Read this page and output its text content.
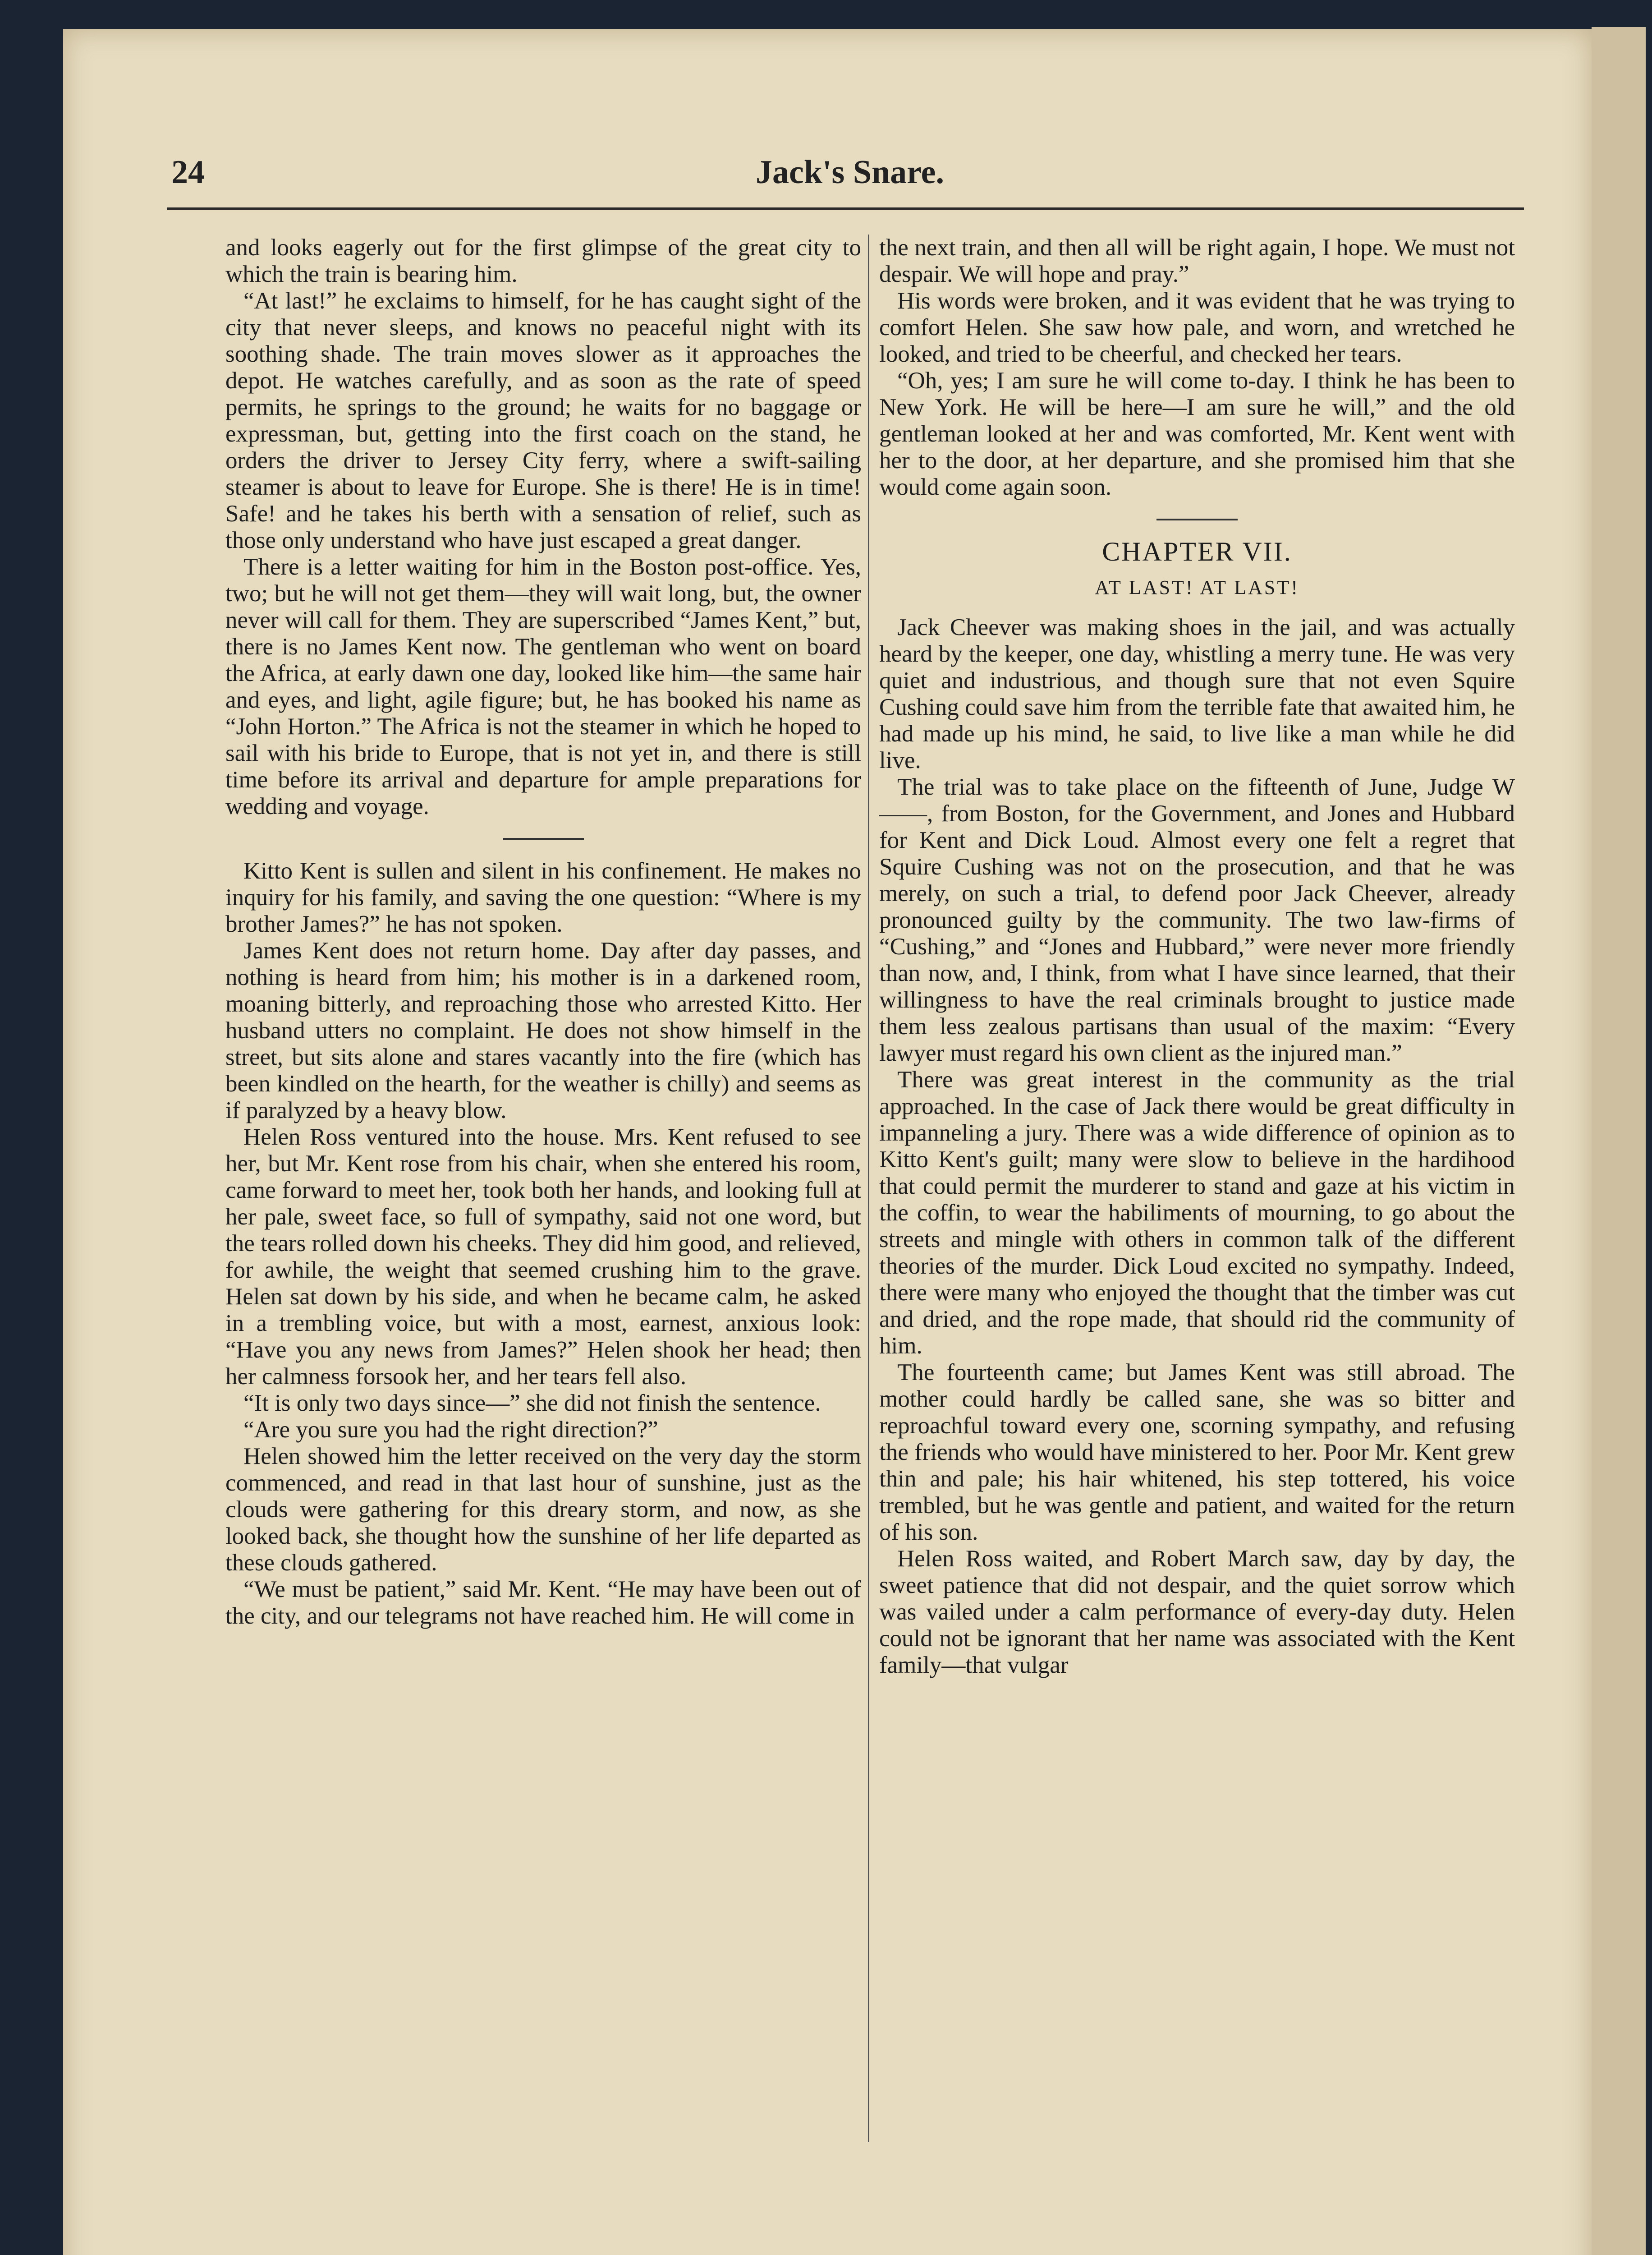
24	Jack's Snare.

and looks eagerly out for the first glimpse of the great city to which the train is bearing him.

“At last!” he exclaims to himself, for he has caught sight of the city that never sleeps, and knows no peaceful night with its soothing shade. The train moves slower as it approaches the depot. He watches carefully, and as soon as the rate of speed permits, he springs to the ground; he waits for no baggage or expressman, but, getting into the first coach on the stand, he orders the driver to Jersey City ferry, where a swift-sailing steamer is about to leave for Europe. She is there! He is in time! Safe! and he takes his berth with a sensation of relief, such as those only understand who have just escaped a great danger.

There is a letter waiting for him in the Boston post-office. Yes, two; but he will not get them—they will wait long, but, the owner never will call for them. They are superscribed “James Kent,” but, there is no James Kent now. The gentleman who went on board the Africa, at early dawn one day, looked like him—the same hair and eyes, and light, agile figure; but, he has booked his name as “John Horton.” The Africa is not the steamer in which he hoped to sail with his bride to Europe, that is not yet in, and there is still time before its arrival and departure for ample preparations for wedding and voyage.

Kitto Kent is sullen and silent in his confinement. He makes no inquiry for his family, and saving the one question: “Where is my brother James?” he has not spoken.

James Kent does not return home. Day after day passes, and nothing is heard from him; his mother is in a darkened room, moaning bitterly, and reproaching those who arrested Kitto. Her husband utters no complaint. He does not show himself in the street, but sits alone and stares vacantly into the fire (which has been kindled on the hearth, for the weather is chilly) and seems as if paralyzed by a heavy blow.

Helen Ross ventured into the house. Mrs. Kent refused to see her, but Mr. Kent rose from his chair, when she entered his room, came forward to meet her, took both her hands, and looking full at her pale, sweet face, so full of sympathy, said not one word, but the tears rolled down his cheeks. They did him good, and relieved, for awhile, the weight that seemed crushing him to the grave. Helen sat down by his side, and when he became calm, he asked in a trembling voice, but with a most, earnest, anxious look: “Have you any news from James?” Helen shook her head; then her calmness forsook her, and her tears fell also.

“It is only two days since—” she did not finish the sentence.

“Are you sure you had the right direction?”

Helen showed him the letter received on the very day the storm commenced, and read in that last hour of sunshine, just as the clouds were gathering for this dreary storm, and now, as she looked back, she thought how the sunshine of her life departed as these clouds gathered.

“We must be patient,” said Mr. Kent. “He may have been out of the city, and our telegrams not have reached him. He will come in

the next train, and then all will be right again, I hope. We must not despair. We will hope and pray.”

His words were broken, and it was evident that he was trying to comfort Helen. She saw how pale, and worn, and wretched he looked, and tried to be cheerful, and checked her tears.

“Oh, yes; I am sure he will come to-day. I think he has been to New York. He will be here—I am sure he will,” and the old gentleman looked at her and was comforted, Mr. Kent went with her to the door, at her departure, and she promised him that she would come again soon.

CHAPTER VII.
AT LAST! AT LAST!

Jack Cheever was making shoes in the jail, and was actually heard by the keeper, one day, whistling a merry tune. He was very quiet and industrious, and though sure that not even Squire Cushing could save him from the terrible fate that awaited him, he had made up his mind, he said, to live like a man while he did live.

The trial was to take place on the fifteenth of June, Judge W——, from Boston, for the Government, and Jones and Hubbard for Kent and Dick Loud. Almost every one felt a regret that Squire Cushing was not on the prosecution, and that he was merely, on such a trial, to defend poor Jack Cheever, already pronounced guilty by the community. The two law-firms of “Cushing,” and “Jones and Hubbard,” were never more friendly than now, and, I think, from what I have since learned, that their willingness to have the real criminals brought to justice made them less zealous partisans than usual of the maxim: “Every lawyer must regard his own client as the injured man.”

There was great interest in the community as the trial approached. In the case of Jack there would be great difficulty in impanneling a jury. There was a wide difference of opinion as to Kitto Kent's guilt; many were slow to believe in the hardihood that could permit the murderer to stand and gaze at his victim in the coffin, to wear the habiliments of mourning, to go about the streets and mingle with others in common talk of the different theories of the murder. Dick Loud excited no sympathy. Indeed, there were many who enjoyed the thought that the timber was cut and dried, and the rope made, that should rid the community of him.

The fourteenth came; but James Kent was still abroad. The mother could hardly be called sane, she was so bitter and reproachful toward every one, scorning sympathy, and refusing the friends who would have ministered to her. Poor Mr. Kent grew thin and pale; his hair whitened, his step tottered, his voice trembled, but he was gentle and patient, and waited for the return of his son.

Helen Ross waited, and Robert March saw, day by day, the sweet patience that did not despair, and the quiet sorrow which was vailed under a calm performance of every-day duty. Helen could not be ignorant that her name was associated with the Kent family—that vulgar
